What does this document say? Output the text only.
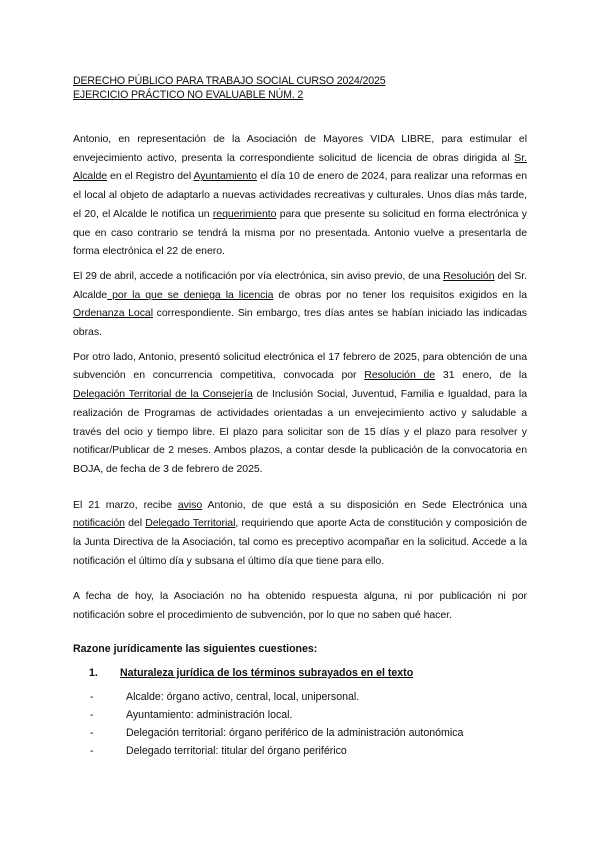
DERECHO PÚBLICO PARA TRABAJO SOCIAL CURSO 2024/2025
EJERCICIO PRÁCTICO NO EVALUABLE NÚM. 2

Antonio, en representación de la Asociación de Mayores VIDA LIBRE, para estimular el envejecimiento activo, presenta la correspondiente solicitud de licencia de obras dirigida al Sr. Alcalde en el Registro del Ayuntamiento el día 10 de enero de 2024, para realizar una reformas en el local al objeto de adaptarlo a nuevas actividades recreativas y culturales. Unos días más tarde, el 20, el Alcalde le notifica un requerimiento para que presente su solicitud en forma electrónica y que en caso contrario se tendrá la misma por no presentada. Antonio vuelve a presentarla de forma electrónica el 22 de enero.

El 29 de abril, accede a notificación por vía electrónica, sin aviso previo, de una Resolución del Sr. Alcalde por la que se deniega la licencia de obras por no tener los requisitos exigidos en la Ordenanza Local correspondiente. Sin embargo, tres días antes se habían iniciado las indicadas obras.

Por otro lado, Antonio, presentó solicitud electrónica el 17 febrero de 2025, para obtención de una subvención en concurrencia competitiva, convocada por Resolución de 31 enero, de la Delegación Territorial de la Consejería de Inclusión Social, Juventud, Familia e Igualdad, para la realización de Programas de actividades orientadas a un envejecimiento activo y saludable a través del ocio y tiempo libre. El plazo para solicitar son de 15 días y el plazo para resolver y notificar/Publicar de 2 meses. Ambos plazos, a contar desde la publicación de la convocatoria en BOJA, de fecha de 3 de febrero de 2025.

El 21 marzo, recibe aviso Antonio, de que está a su disposición en Sede Electrónica una notificación del Delegado Territorial, requiriendo que aporte Acta de constitución y composición de la Junta Directiva de la Asociación, tal como es preceptivo acompañar en la solicitud. Accede a la notificación el último día y subsana el último día que tiene para ello.

A fecha de hoy, la Asociación no ha obtenido respuesta alguna, ni por publicación ni por notificación sobre el procedimiento de subvención, por lo que no saben qué hacer.

Razone jurídicamente las siguientes cuestiones:
1.	Naturaleza jurídica de los términos subrayados en el texto
-	Alcalde: órgano activo, central, local, unipersonal.
-	Ayuntamiento: administración local.
-	Delegación territorial: órgano periférico de la administración autonómica
-	Delegado territorial: titular del órgano periférico
